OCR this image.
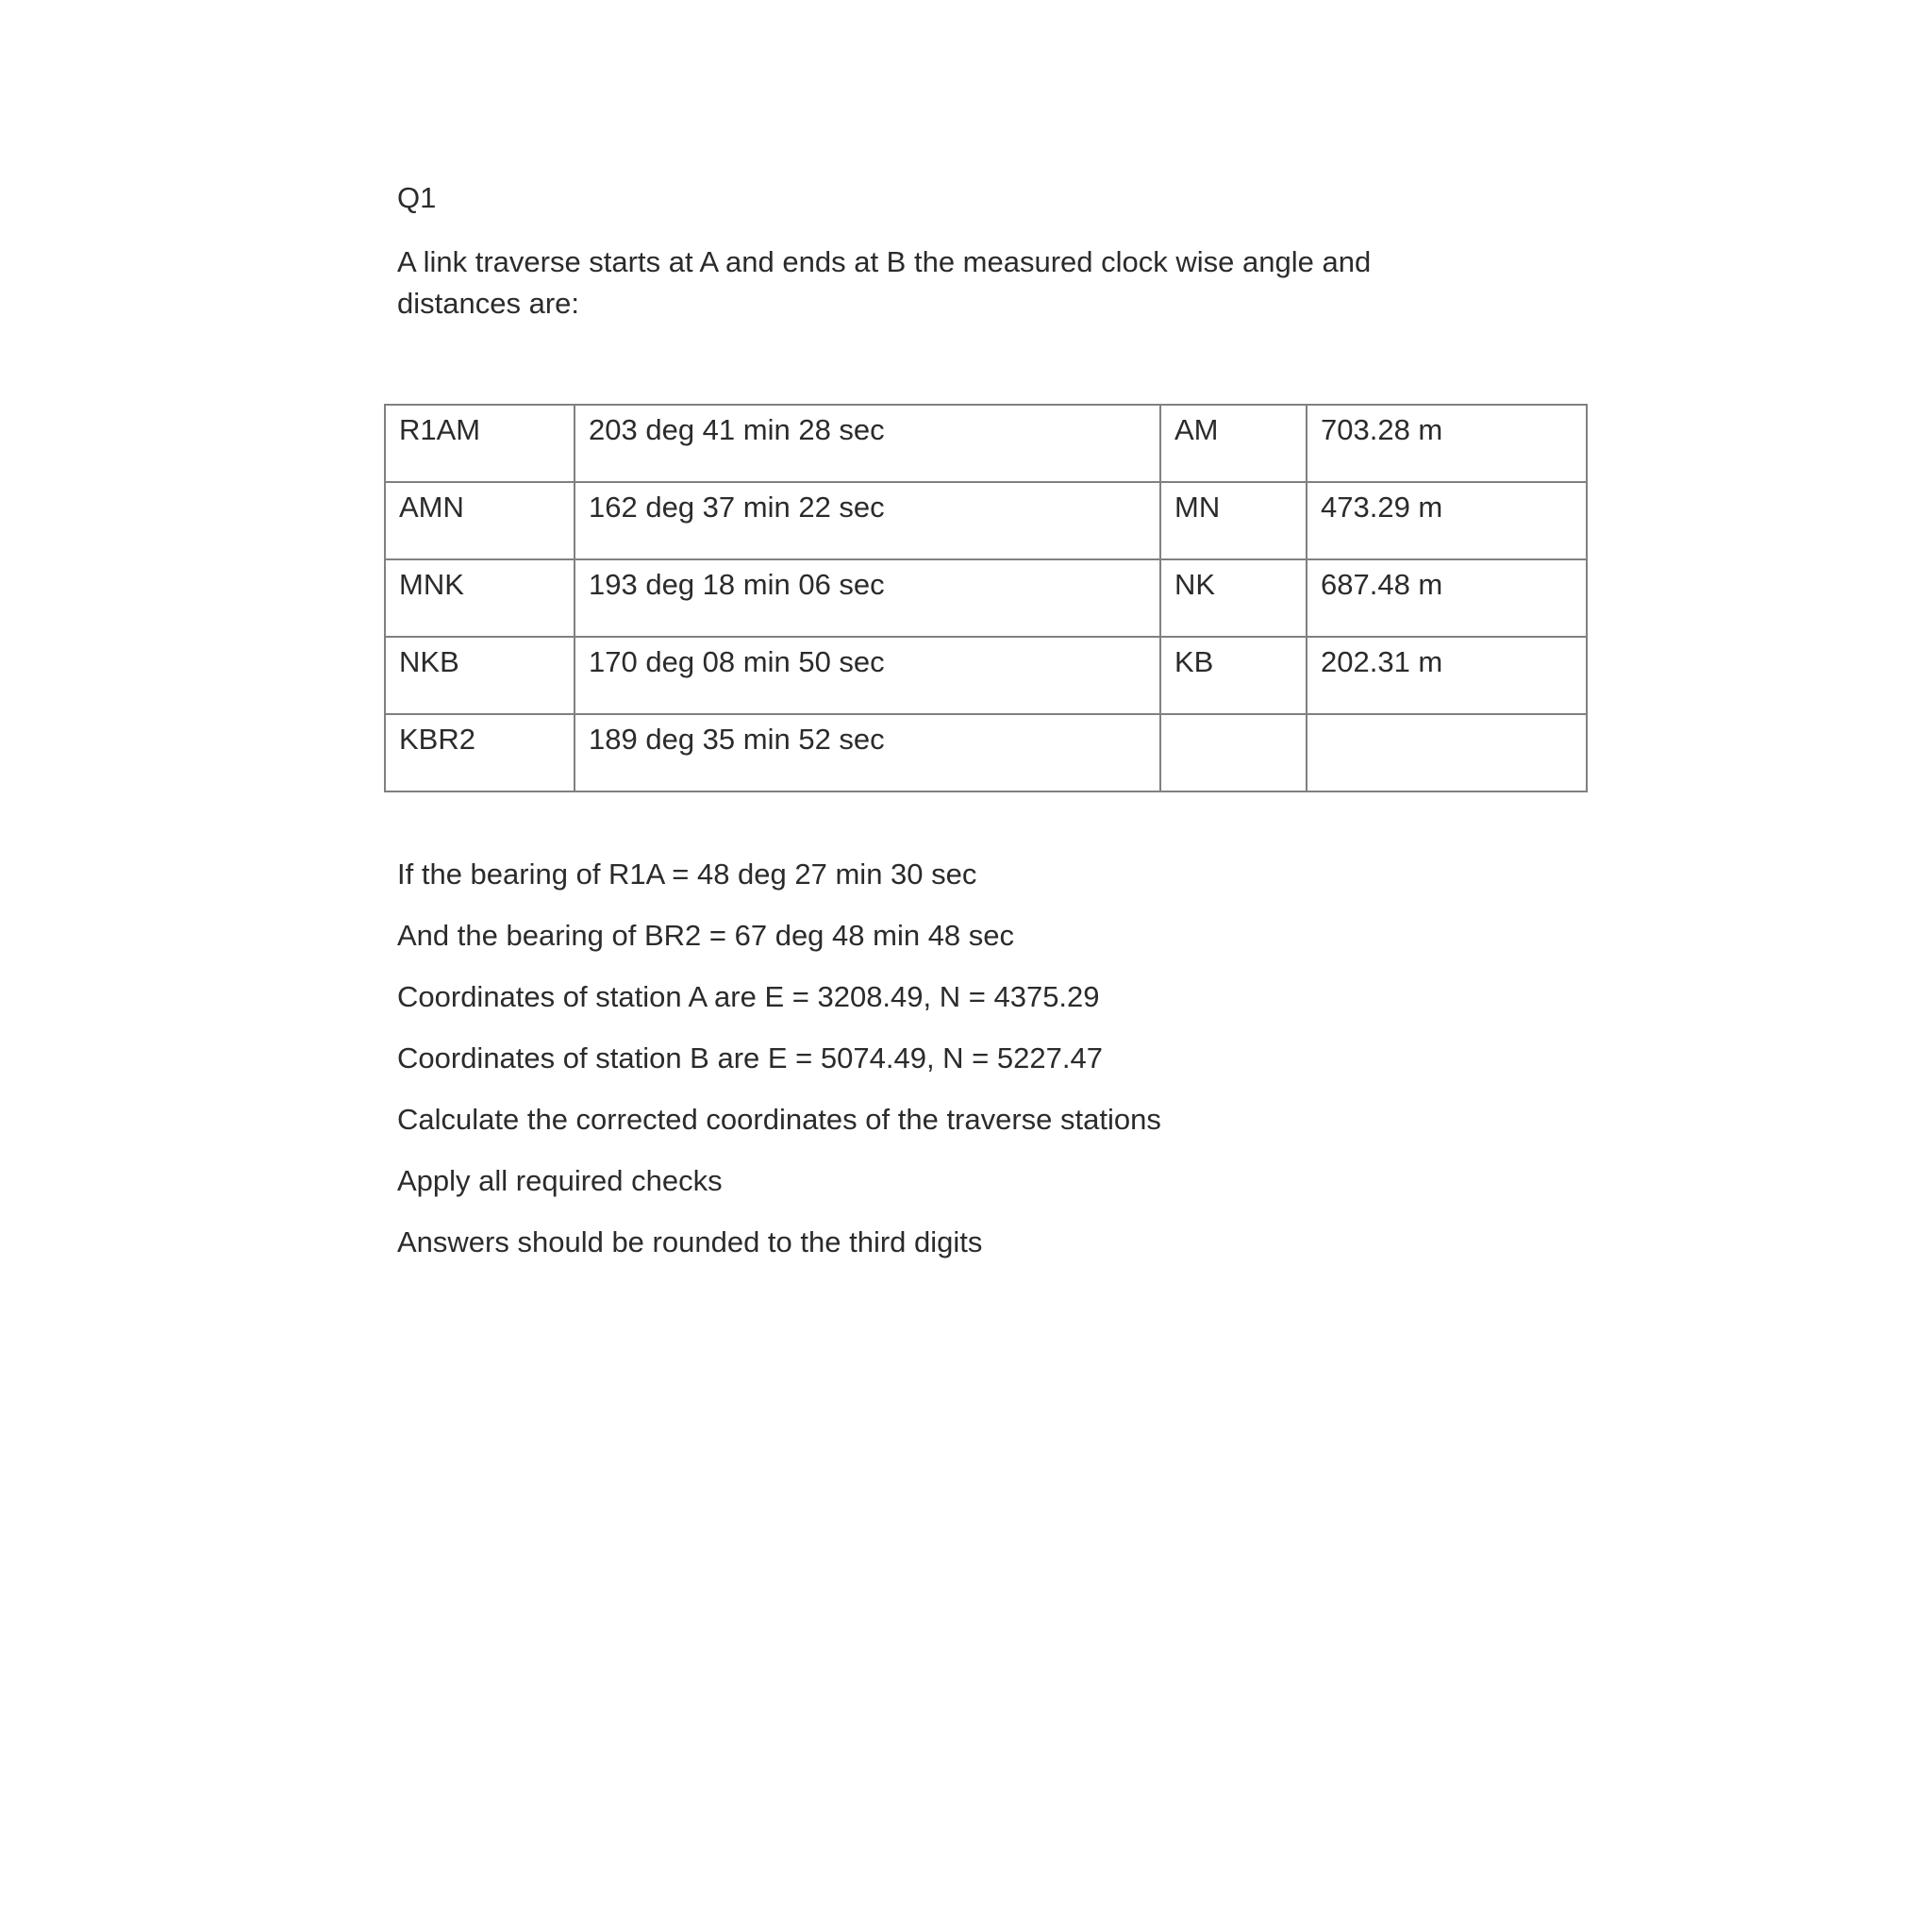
Q1

A link traverse starts at A and ends at B the measured clock wise angle and
distances are:

R1AM	203 deg 41 min 28 sec	AM	703.28 m
AMN	162 deg 37 min 22 sec	MN	473.29 m
MNK	193 deg 18 min 06 sec	NK	687.48 m
NKB	170 deg 08 min 50 sec	KB	202.31 m
KBR2	189 deg 35 min 52 sec		
If the bearing of R1A = 48 deg 27 min 30 sec
And the bearing of BR2 = 67 deg 48 min 48 sec
Coordinates of station A are E = 3208.49, N = 4375.29
Coordinates of station B are E = 5074.49, N = 5227.47
Calculate the corrected coordinates of the traverse stations
Apply all required checks
Answers should be rounded to the third digits
